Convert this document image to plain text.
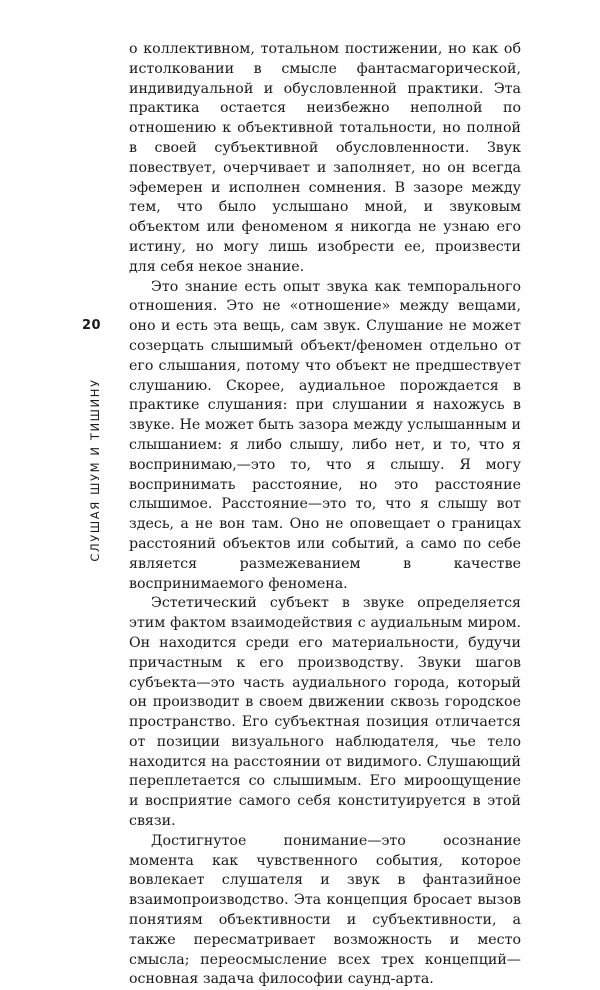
о коллективном, тотальном постижении, но как об истолковании в смысле фантасмагорической, индивидуальной и обусловленной практики. Эта практика остается неизбежно неполной по отношению к объективной тотальности, но полной в своей субъективной обусловленности. Звук повествует, очерчивает и заполняет, но он всегда эфемерен и исполнен сомнения. В зазоре между тем, что было услышано мной, и звуковым объектом или феноменом я никогда не узнаю его истину, но могу лишь изобрести ее, произвести для себя некое знание.

Это знание есть опыт звука как темпорального отношения. Это не «отношение» между вещами, оно и есть эта вещь, сам звук. Слушание не может созерцать слышимый объект/феномен отдельно от его слышания, потому что объект не предшествует слушанию. Скорее, аудиальное порождается в практике слушания: при слушании я нахожусь в звуке. Не может быть зазора между услышанным и слышанием: я либо слышу, либо нет, и то, что я воспринимаю,—это то, что я слышу. Я могу воспринимать расстояние, но это расстояние слышимое. Расстояние—это то, что я слышу вот здесь, а не вон там. Оно не оповещает о границах расстояний объектов или событий, а само по себе является размежеванием в качестве воспринимаемого феномена.

Эстетический субъект в звуке определяется этим фактом взаимодействия с аудиальным миром. Он находится среди его материальности, будучи причастным к его производству. Звуки шагов субъекта—это часть аудиального города, который он производит в своем движении сквозь городское пространство. Его субъектная позиция отличается от позиции визуального наблюдателя, чье тело находится на расстоянии от видимого. Слушающий переплетается со слышимым. Его мироощущение и восприятие самого себя конституируется в этой связи.

Достигнутое понимание—это осознание момента как чувственного события, которое вовлекает слушателя и звук в фантазийное взаимопроизводство. Эта концепция бросает вызов понятиям объективности и субъективности, а также пересматривает возможность и место смысла; переосмысление всех трех концепций—основная задача философии саунд-арта.

20
СЛУШАЯ ШУМ И ТИШИНУ
